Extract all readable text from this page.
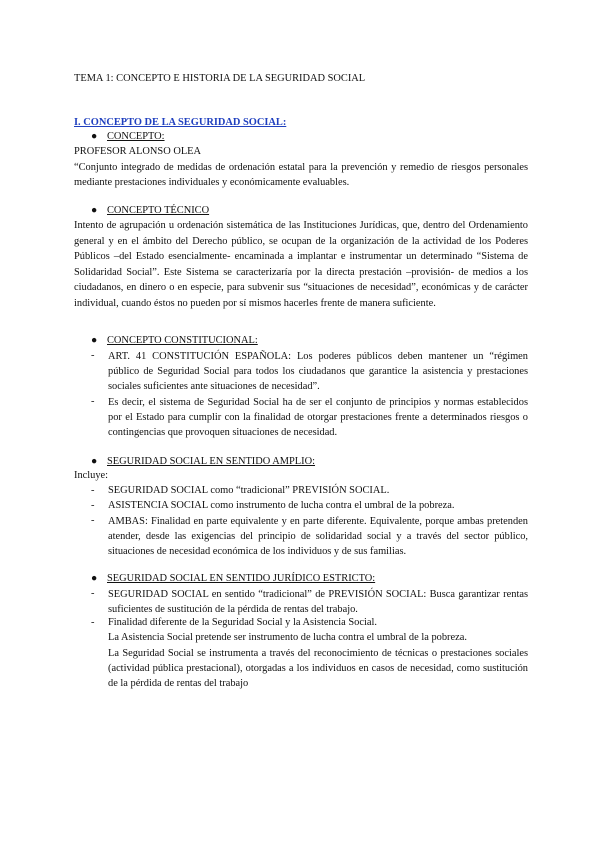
TEMA 1: CONCEPTO E HISTORIA DE LA SEGURIDAD SOCIAL

I. CONCEPTO DE LA SEGURIDAD SOCIAL:

● CONCEPTO:

PROFESOR ALONSO OLEA

“Conjunto integrado de medidas de ordenación estatal para la prevención y remedio de riesgos personales mediante prestaciones individuales y económicamente evaluables.

● CONCEPTO TÉCNICO

Intento de agrupación u ordenación sistemática de las Instituciones Jurídicas, que, dentro del Ordenamiento general y en el ámbito del Derecho público, se ocupan de la organización de la actividad de los Poderes Públicos –del Estado esencialmente- encaminada a implantar e instrumentar un determinado “Sistema de Solidaridad Social”. Este Sistema se caracterizaría por la directa prestación –provisión- de medios a los ciudadanos, en dinero o en especie, para subvenir sus “situaciones de necesidad”, económicas y de carácter individual, cuando éstos no pueden por sí mismos hacerles frente de manera suficiente.

● CONCEPTO CONSTITUCIONAL:
- ART. 41 CONSTITUCIÓN ESPAÑOLA: Los poderes públicos deben mantener un “régimen público de Seguridad Social para todos los ciudadanos que garantice la asistencia y prestaciones sociales suficientes ante situaciones de necesidad”.
- Es decir, el sistema de Seguridad Social ha de ser el conjunto de principios y normas establecidos por el Estado para cumplir con la finalidad de otorgar prestaciones frente a determinados riesgos o contingencias que provoquen situaciones de necesidad.
● SEGURIDAD SOCIAL EN SENTIDO AMPLIO:

Incluye:

- SEGURIDAD SOCIAL como “tradicional” PREVISIÓN SOCIAL.
- ASISTENCIA SOCIAL como instrumento de lucha contra el umbral de la pobreza.
- AMBAS: Finalidad en parte equivalente y en parte diferente. Equivalente, porque ambas pretenden atender, desde las exigencias del principio de solidaridad social y a través del sector público, situaciones de necesidad económica de los individuos y de sus familias.
● SEGURIDAD SOCIAL EN SENTIDO JURÍDICO ESTRICTO:
- SEGURIDAD SOCIAL en sentido “tradicional” de PREVISIÓN SOCIAL: Busca garantizar rentas suficientes de sustitución de la pérdida de rentas del trabajo.
- Finalidad diferente de la Seguridad Social y la Asistencia Social.

La Asistencia Social pretende ser instrumento de lucha contra el umbral de la pobreza.

La Seguridad Social se instrumenta a través del reconocimiento de técnicas o prestaciones sociales (actividad pública prestacional), otorgadas a los individuos en casos de necesidad, como sustitución de la pérdida de rentas del trabajo
